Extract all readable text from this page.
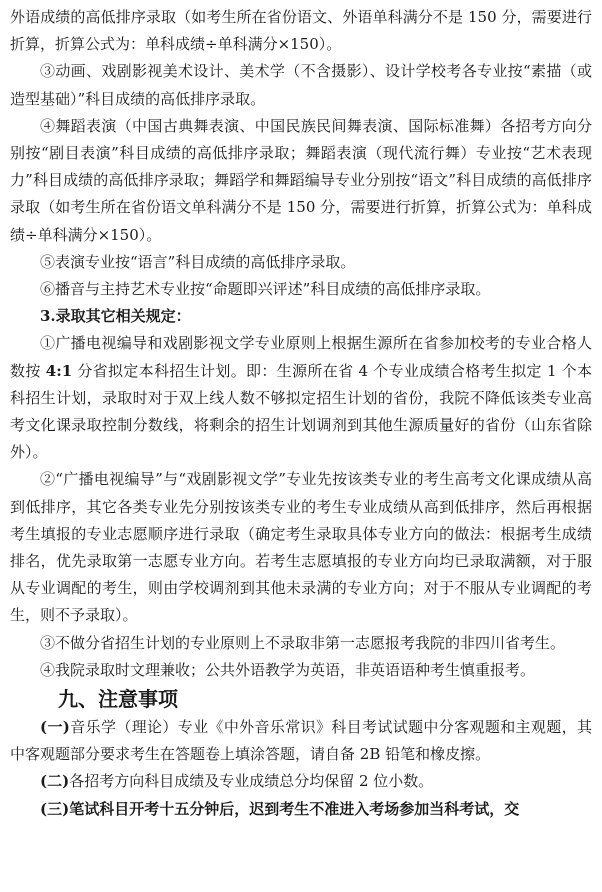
外语成绩的高低排序录取（如考生所在省份语文、外语单科满分不是 150 分，需要进行折算，折算公式为：单科成绩÷单科满分×150）。

③动画、戏剧影视美术设计、美术学（不含摄影）、设计学校考各专业按“素描（或造型基础）”科目成绩的高低排序录取。

④舞蹈表演（中国古典舞表演、中国民族民间舞表演、国际标准舞）各招考方向分别按“剧目表演”科目成绩的高低排序录取；舞蹈表演（现代流行舞）专业按“艺术表现力”科目成绩的高低排序录取；舞蹈学和舞蹈编导专业分别按“语文”科目成绩的高低排序录取（如考生所在省份语文单科满分不是 150 分，需要进行折算，折算公式为：单科成绩÷单科满分×150）。

⑤表演专业按“语言”科目成绩的高低排序录取。

⑥播音与主持艺术专业按“命题即兴评述”科目成绩的高低排序录取。

3.录取其它相关规定：

①广播电视编导和戏剧影视文学专业原则上根据生源所在省参加校考的专业合格人数按 4:1 分省拟定本科招生计划。即：生源所在省 4 个专业成绩合格考生拟定 1 个本科招生计划，录取时对于双上线人数不够拟定招生计划的省份，我院不降低该类专业高考文化课录取控制分数线，将剩余的招生计划调剂到其他生源质量好的省份（山东省除外）。

②“广播电视编导”与“戏剧影视文学”专业先按该类专业的考生高考文化课成绩从高到低排序，其它各类专业先分别按该类专业的考生专业成绩从高到低排序，然后再根据考生填报的专业志愿顺序进行录取（确定考生录取具体专业方向的做法：根据考生成绩排名，优先录取第一志愿专业方向。若考生志愿填报的专业方向均已录取满额，对于服从专业调配的考生，则由学校调剂到其他未录满的专业方向；对于不服从专业调配的考生，则不予录取）。

③不做分省招生计划的专业原则上不录取非第一志愿报考我院的非四川省考生。

④我院录取时文理兼收；公共外语教学为英语，非英语语种考生慎重报考。

九、注意事项

(一)音乐学（理论）专业《中外音乐常识》科目考试试题中分客观题和主观题，其中客观题部分要求考生在答题卷上填涂答题，请自备 2B 铅笔和橡皮擦。

(二)各招考方向科目成绩及专业成绩总分均保留 2 位小数。

(三)笔试科目开考十五分钟后，迟到考生不准进入考场参加当科考试，交
